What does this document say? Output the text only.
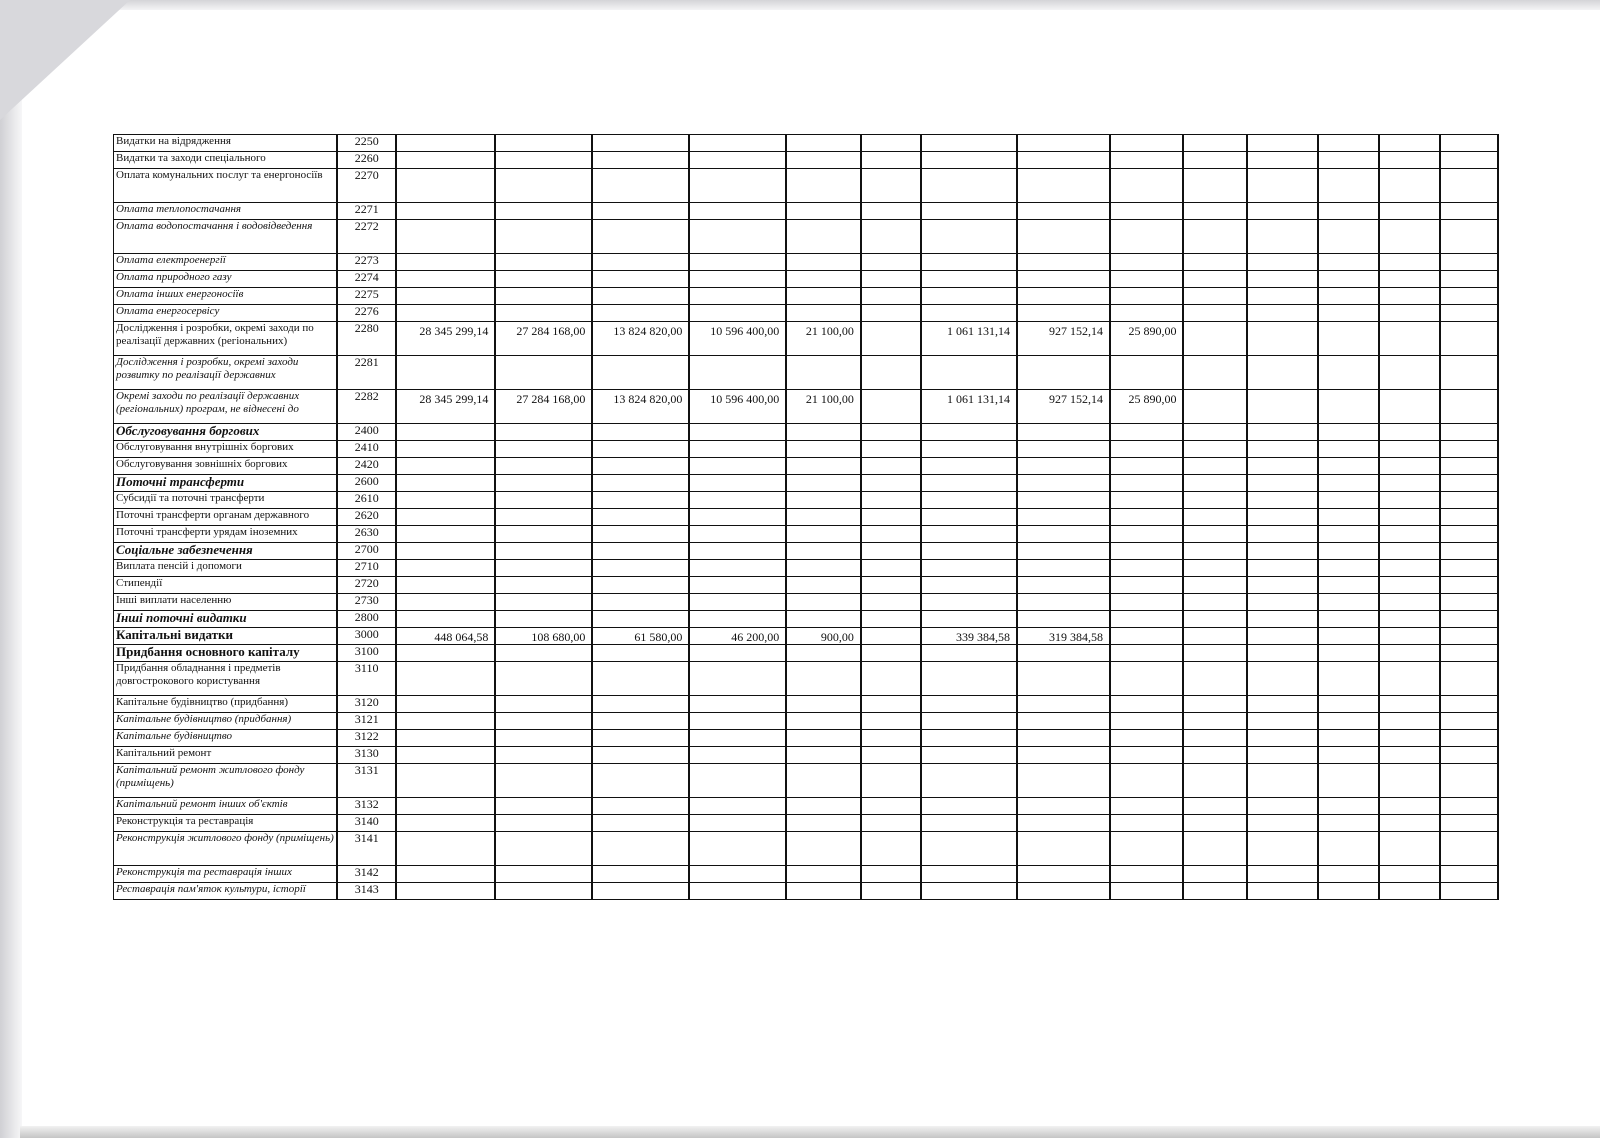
Видатки на відрядження	2250														
Видатки та заходи спеціального	2260														
Оплата комунальних послуг та енергоносіїв	2270														
Оплата теплопостачання	2271														
Оплата водопостачання і водовідведення	2272														
Оплата електроенергії	2273														
Оплата природного газу	2274														
Оплата інших енергоносіїв	2275														
Оплата енергосервісу	2276														
Дослідження і розробки, окремі заходи по реалізації державних (регіональних)	2280	28 345 299,14	27 284 168,00	13 824 820,00	10 596 400,00	21 100,00		1 061 131,14	927 152,14	25 890,00					
Дослідження і розробки, окремі заходи розвитку по реалізації державних	2281														
Окремі заходи по реалізації державних (регіональних) програм, не віднесені до	2282	28 345 299,14	27 284 168,00	13 824 820,00	10 596 400,00	21 100,00		1 061 131,14	927 152,14	25 890,00					
Обслуговування боргових	2400														
Обслуговування внутрішніх боргових	2410														
Обслуговування зовнішніх боргових	2420														
Поточні трансферти	2600														
Субсидії та поточні трансферти	2610														
Поточні трансферти органам державного	2620														
Поточні трансферти урядам іноземних	2630														
Соціальне забезпечення	2700														
Виплата пенсій і допомоги	2710														
Стипендії	2720														
Інші виплати населенню	2730														
Інші поточні видатки	2800														
Капітальні видатки	3000	448 064,58	108 680,00	61 580,00	46 200,00	900,00		339 384,58	319 384,58						
Придбання основного капіталу	3100														
Придбання обладнання і предметів довгострокового користування	3110														
Капітальне будівництво (придбання)	3120														
Капітальне будівництво (придбання)	3121														
Капітальне будівництво	3122														
Капітальний ремонт	3130														
Капітальний ремонт житлового фонду (приміщень)	3131														
Капітальний ремонт інших об'єктів	3132														
Реконструкція та реставрація	3140														
Реконструкція житлового фонду (приміщень)	3141														
Реконструкція та реставрація інших	3142														
Реставрація пам'яток культури, історії	3143														
